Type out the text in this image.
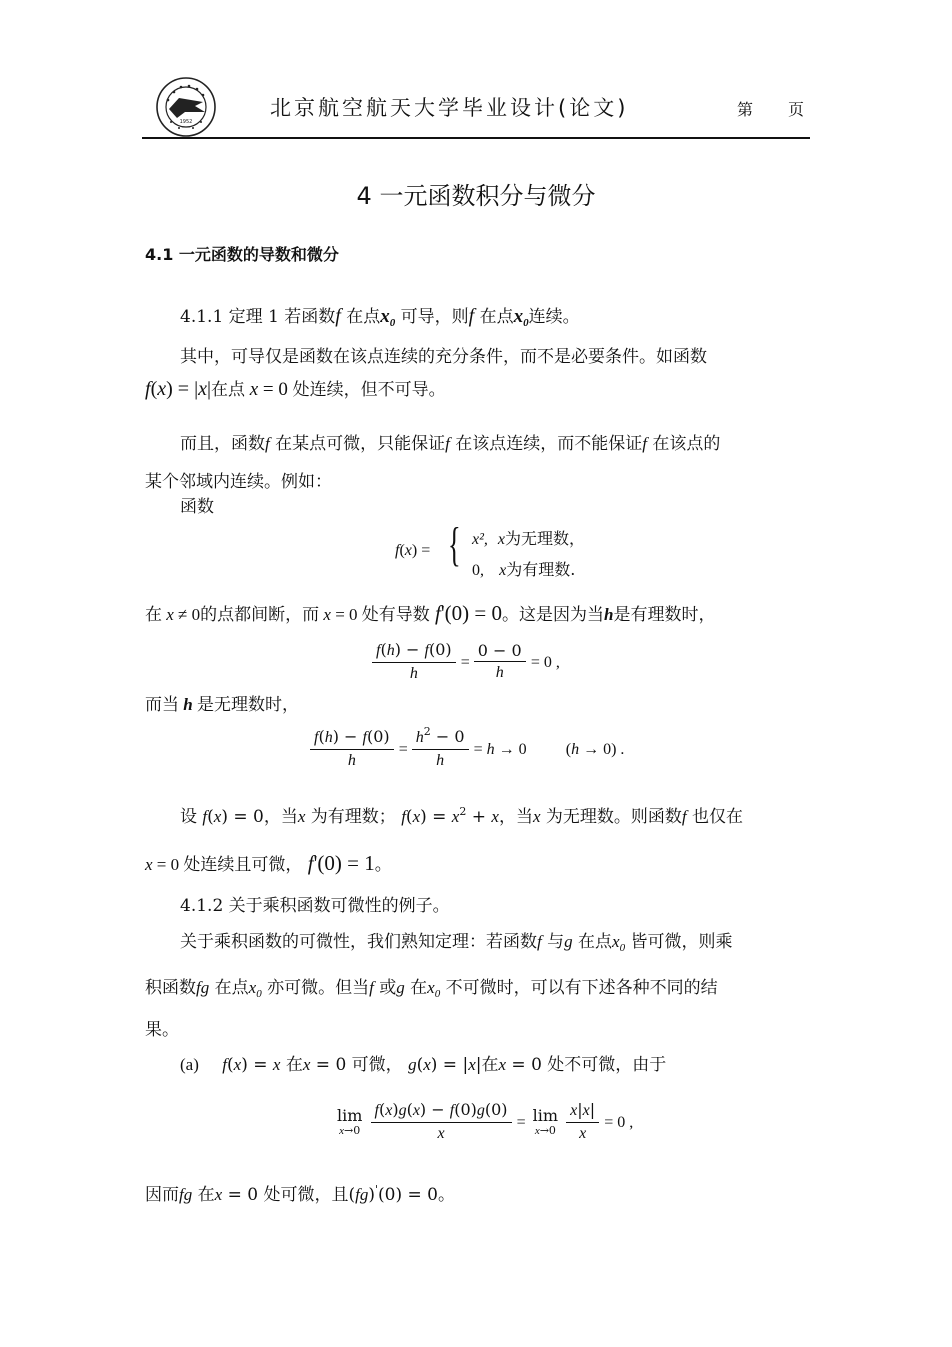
1952
北京航空航天大学毕业设计(论文)	第 页
4 一元函数积分与微分
4.1 一元函数的导数和微分
4.1.1 定理 1 若函数f 在点$x_0$ 可导，则f 在点$x_0$连续。
其中，可导仅是函数在该点连续的充分条件，而不是必要条件。如函数
f(x) = |x|在点 x = 0 处连续，但不可导。
而且，函数f 在某点可微，只能保证f 在该点连续，而不能保证f 在该点的
某个邻域内连续。例如：
函数
f(x) = { x², x为无理数，
0, x为有理数.
在 x ≠ 0的点都间断，而 x = 0 处有导数 f'(0) = 0。这是因为当h是有理数时，
$\frac{f(h) - f(0)}{h} = \frac{0 - 0}{h} = 0$ ,
而当 h 是无理数时，
$\frac{f(h) - f(0)}{h} = \frac{h^2 - 0}{h} = h \to 0$ (h → 0) .
设 f(x) = 0，当x 为有理数； $f(x) = x^2 + x$，当x 为无理数。则函数f 也仅在
x = 0 处连续且可微， f'(0) = 1。
4.1.2 关于乘积函数可微性的例子。
关于乘积函数的可微性，我们熟知定理：若函数f 与g 在点$x_0$ 皆可微，则乘
积函数fg 在点$x_0$ 亦可微。但当f 或g 在$x_0$ 不可微时，可以有下述各种不同的结
果。
(a) f(x) = x 在x = 0 可微， g(x) = |x|在x = 0 处不可微，由于
lim
x→0
$\frac{f(x)g(x) - f(0)g(0)}{x} = \lim$
x→0
$\frac{x|x|}{x} = 0$ ,
因而fg 在x = 0 处可微，且(fg)'(0) = 0。
